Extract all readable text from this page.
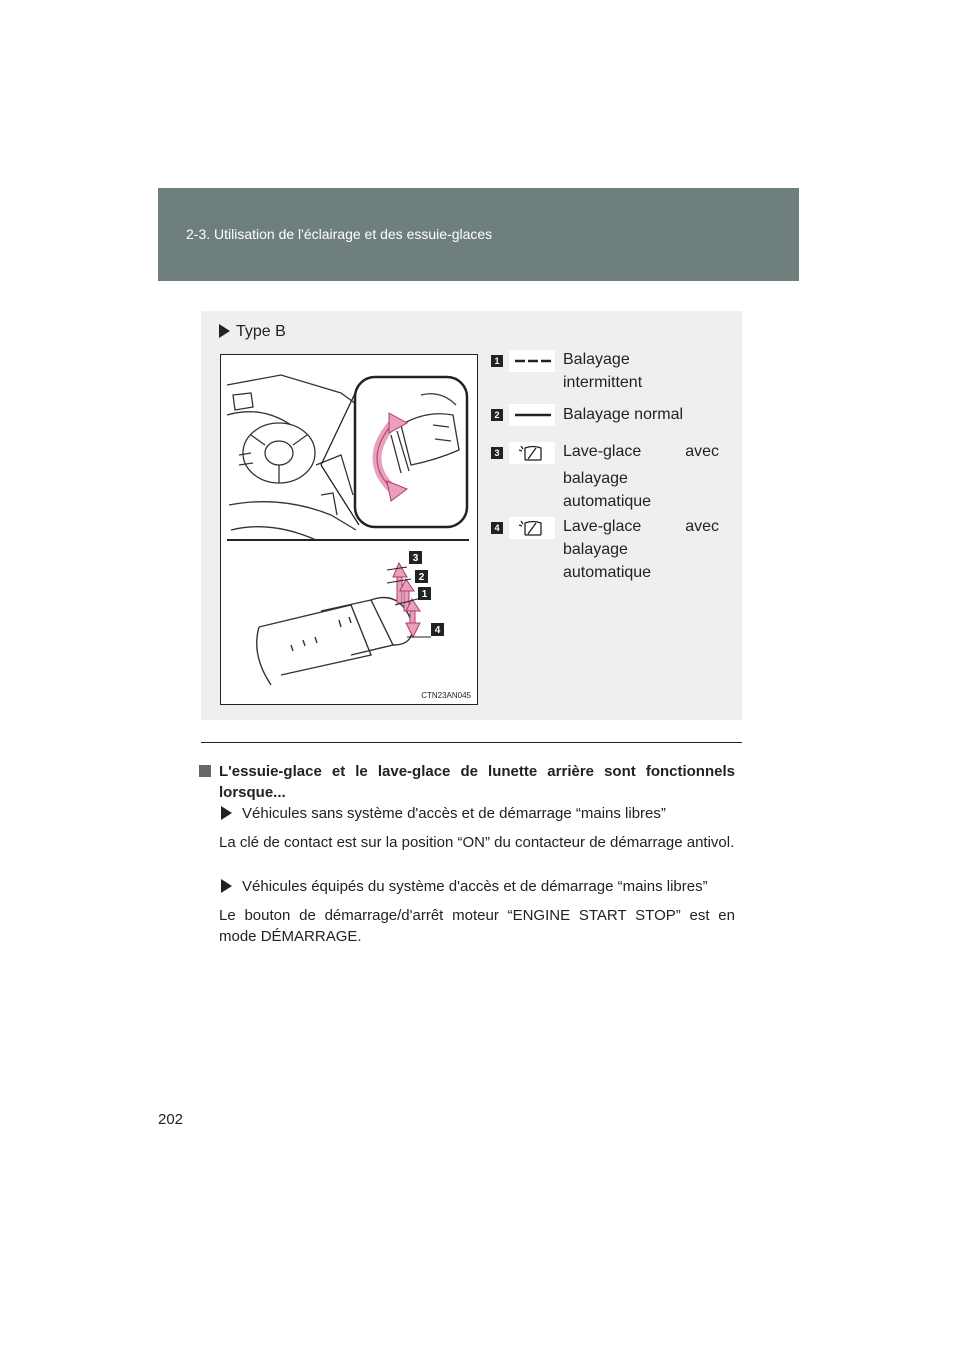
2-3. Utilisation de l'éclairage et des essuie-glaces
Type B
3
2
1
4
CTN23AN045
1	Balayage
intermittent
2	Balayage normal
3	Lave-glace avec
balayage
automatique
4	Lave-glace avec
balayage
automatique
L'essuie-glace et le lave-glace de lunette arrière sont fonctionnels lorsque...
Véhicules sans système d'accès et de démarrage “mains libres”
La clé de contact est sur la position “ON” du contacteur de démarrage antivol.
Véhicules équipés du système d'accès et de démarrage “mains libres”
Le bouton de démarrage/d'arrêt moteur “ENGINE START STOP” est en mode DÉMARRAGE.
202
